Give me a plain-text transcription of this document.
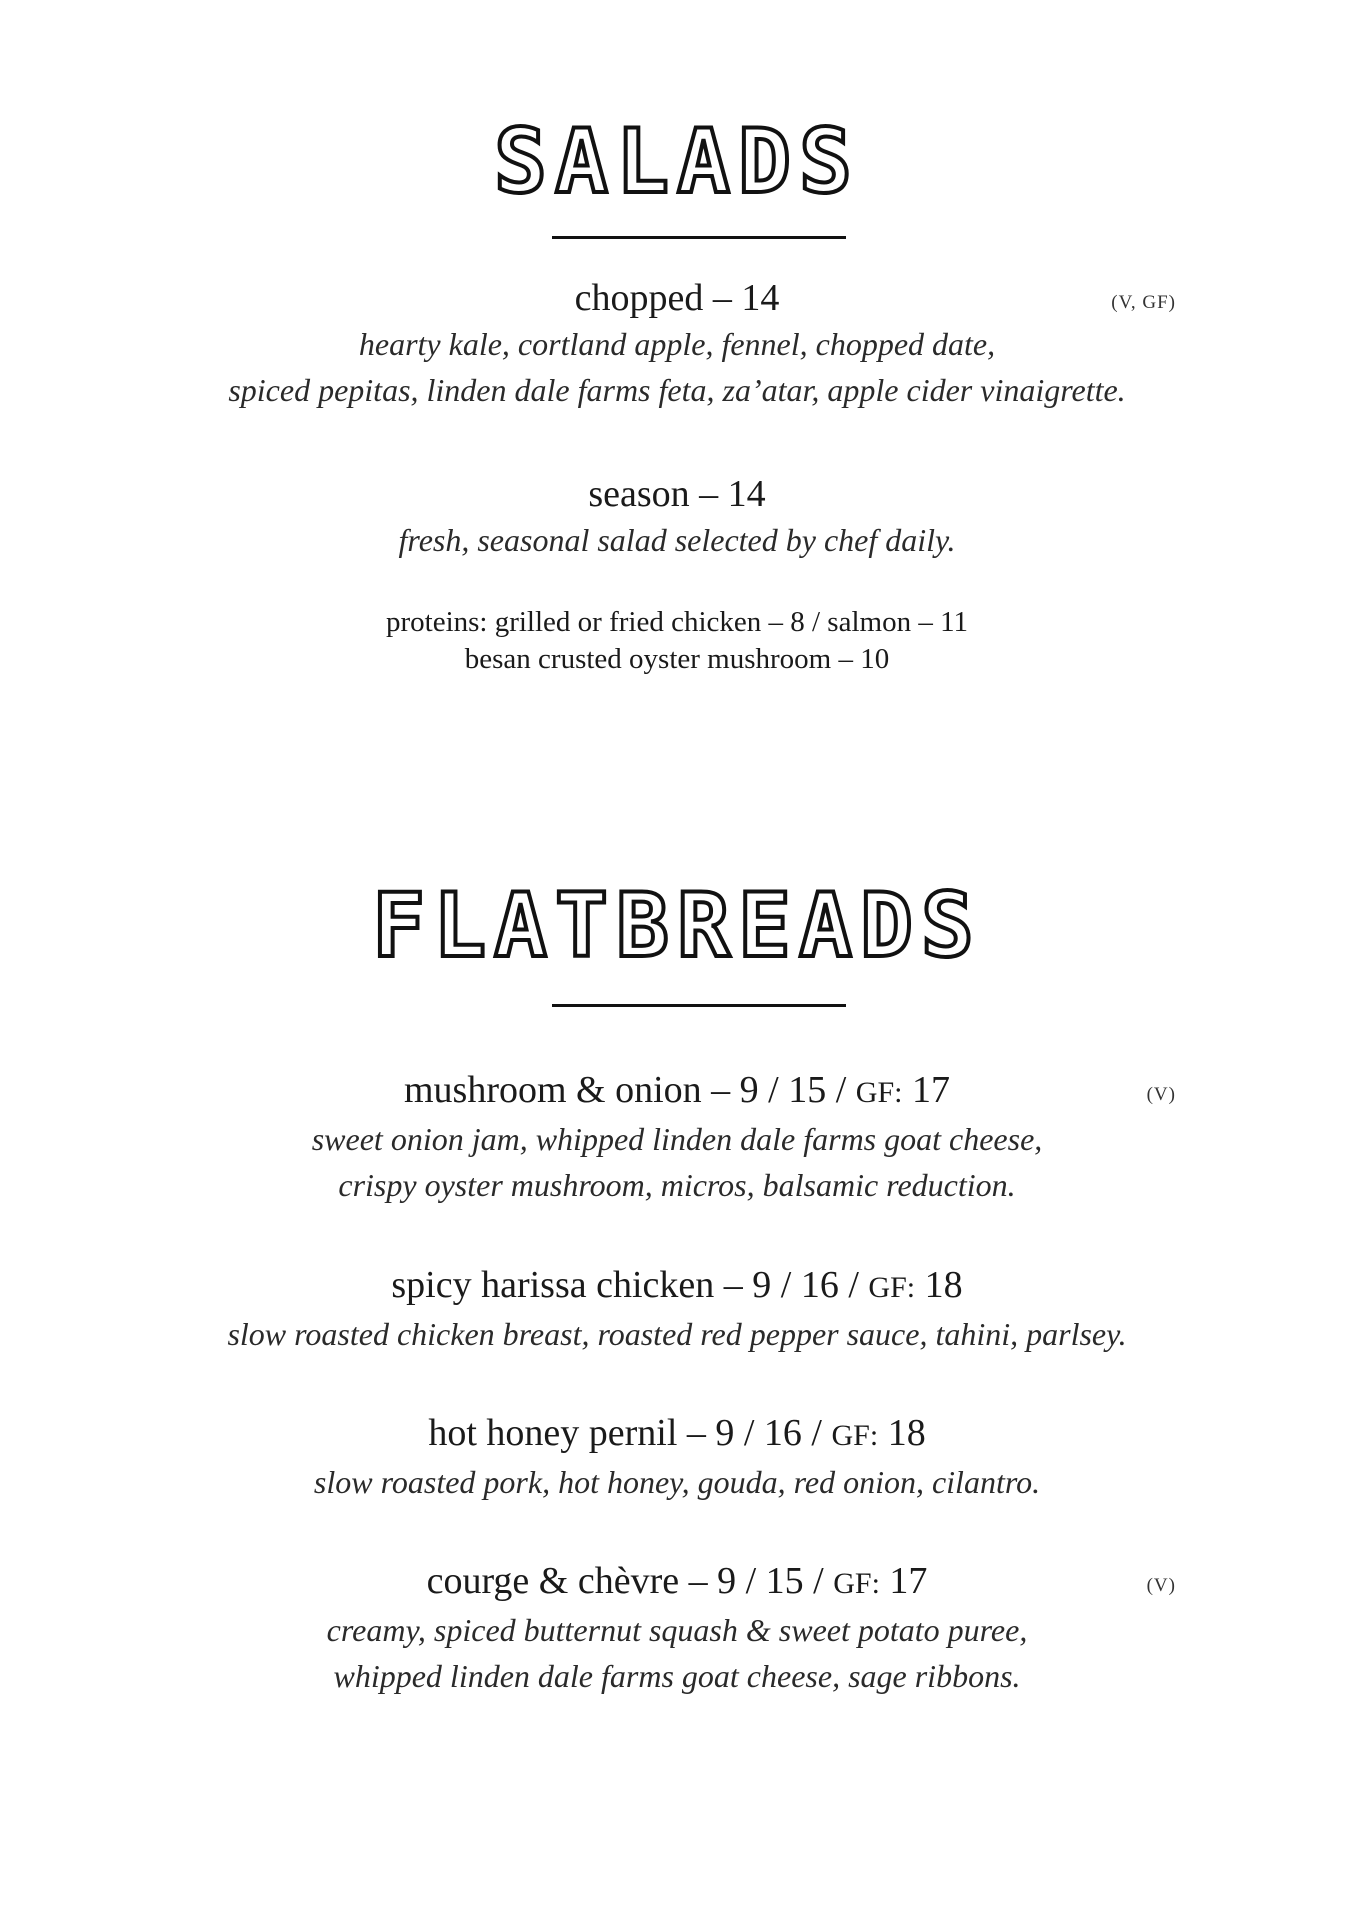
SALADS
chopped – 14
hearty kale, cortland apple, fennel, chopped date,
spiced pepitas, linden dale farms feta, za’atar, apple cider vinaigrette.
(V, GF)
season – 14
fresh, seasonal salad selected by chef daily.
proteins: grilled or fried chicken – 8 / salmon – 11
besan crusted oyster mushroom – 10
FLATBREADS
mushroom & onion – 9 / 15 / GF: 17
sweet onion jam, whipped linden dale farms goat cheese,
crispy oyster mushroom, micros, balsamic reduction.
(V)
spicy harissa chicken – 9 / 16 / GF: 18
slow roasted chicken breast, roasted red pepper sauce, tahini, parlsey.
hot honey pernil – 9 / 16 / GF: 18
slow roasted pork, hot honey, gouda, red onion, cilantro.
courge & chèvre – 9 / 15 / GF: 17
creamy, spiced butternut squash & sweet potato puree,
whipped linden dale farms goat cheese, sage ribbons.
(V)
